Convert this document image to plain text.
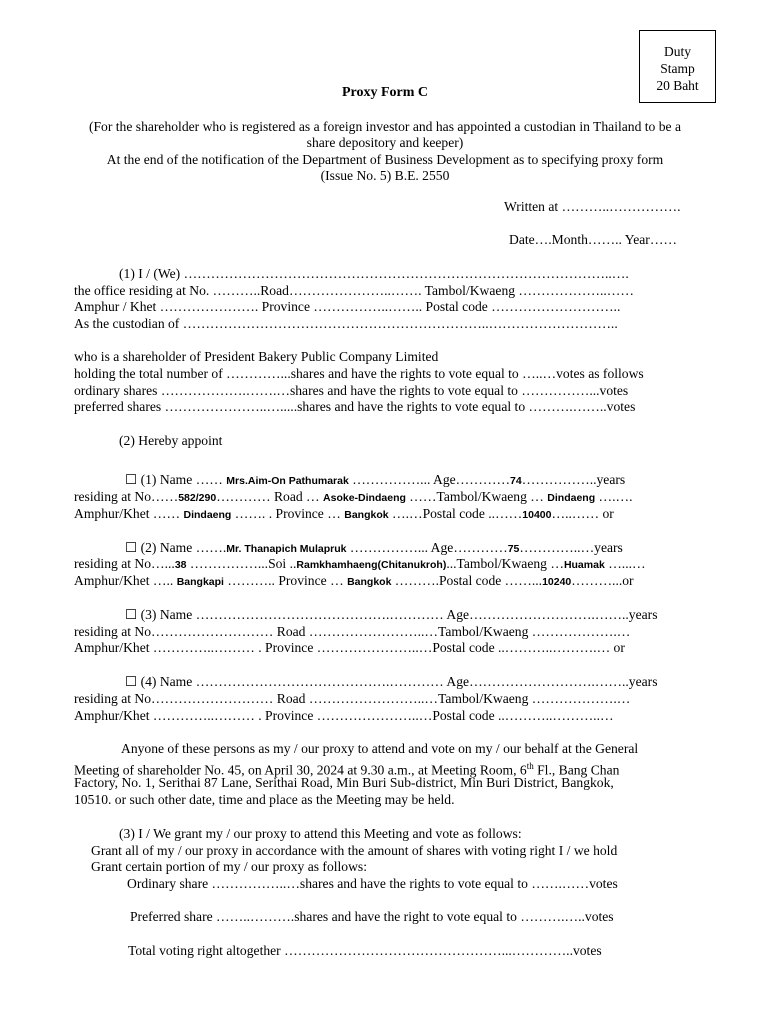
Duty
Stamp
20 Baht
Proxy Form C
(For the shareholder who is registered as a foreign investor and has appointed a custodian in Thailand to be a
share depository and keeper)
At the end of the notification of the Department of Business Development as to specifying proxy form
(Issue No. 5) B.E. 2550
Written at ………..…………….
Date….Month…….. Year……
(1) I / (We) …………………………………………………………………………………..….
the office residing at No. ………..Road…………………..……. Tambol/Kwaeng ………………..……
Amphur / Khet …………………. Province ……………..…….. Postal code ………………………..
As the custodian of …………………………………………………………..………………………..
who is a shareholder of President Bakery Public Company Limited
holding the total number of …………...shares and have the rights to vote equal to …..…votes as follows
ordinary shares ……………….…….…shares and have the rights to vote equal to ……………...votes
preferred shares …………………..….....shares and have the rights to vote equal to ……….……..votes
(2) Hereby appoint
☐ (1) Name …… Mrs.Aim-On Pathumarak ……………... Age…………74……………..years
residing at No……582/290………… Road … Asoke-Dindaeng ……Tambol/Kwaeng … Dindaeng ….….
Amphur/Khet …… Dindaeng ……. . Province … Bangkok ….…Postal code ..……10400…..…… or
☐ (2) Name …….Mr. Thanapich Mulapruk ……………... Age…………75…………..…years
residing at No…...38 ……………...Soi ..Ramkhamhaeng(Chitanukroh)...Tambol/Kwaeng …Huamak …...…
Amphur/Khet ….. Bangkapi ……….. Province … Bangkok ……….Postal code ……...10240………...or
☐ (3) Name …………………………………….………… Age……………………….……..years
residing at No……………………… Road ……………………..…Tambol/Kwaeng ……………….…
Amphur/Khet …………..……… . Province …………………..…Postal code ..………..……….… or
☐ (4) Name …………………………………….………… Age……………………….……..years
residing at No……………………… Road ……………………..…Tambol/Kwaeng ……………….…
Amphur/Khet …………..……… . Province …………………..…Postal code ..………..………..…
Anyone of these persons as my / our proxy to attend and vote on my / our behalf at the General
Meeting of shareholder No. 45, on April 30, 2024 at 9.30 a.m., at Meeting Room, 6th Fl., Bang Chan
Factory, No. 1, Serithai 87 Lane, Serithai Road, Min Buri Sub-district, Min Buri District, Bangkok,
10510. or such other date, time and place as the Meeting may be held.
(3) I / We grant my / our proxy to attend this Meeting and vote as follows:
Grant all of my / our proxy in accordance with the amount of shares with voting right I / we hold
Grant certain portion of my / our proxy as follows:
Ordinary share ……………..…shares and have the rights to vote equal to …….……votes
Preferred share ……..……….shares and have the right to vote equal to ……….…..votes
Total voting right altogether …………………………………………...…………..votes
